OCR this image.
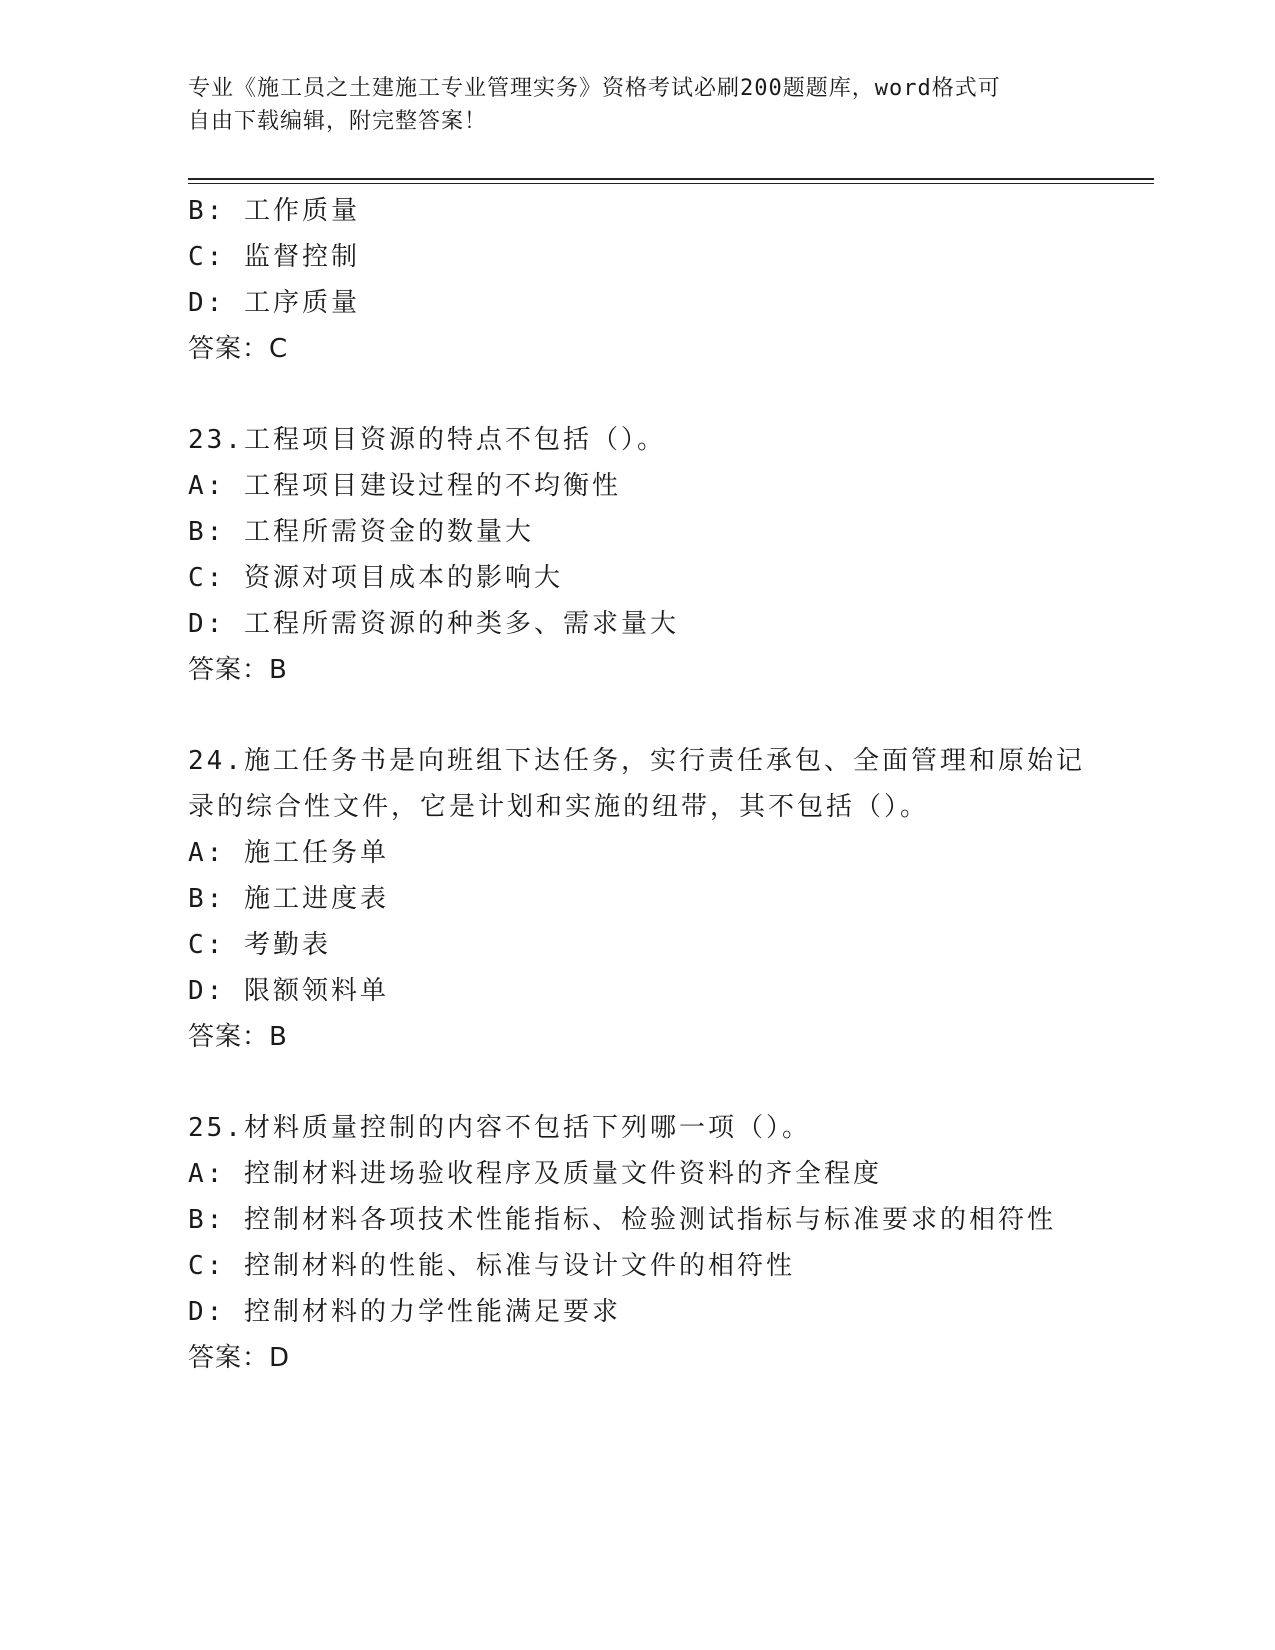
专业《施工员之土建施工专业管理实务》资格考试必刷200题题库，word格式可
自由下载编辑，附完整答案！
B: 工作质量
C: 监督控制
D: 工序质量
答案：C
23.工程项目资源的特点不包括（）。
A: 工程项目建设过程的不均衡性
B: 工程所需资金的数量大
C: 资源对项目成本的影响大
D: 工程所需资源的种类多、需求量大
答案：B
24.施工任务书是向班组下达任务，实行责任承包、全面管理和原始记
录的综合性文件，它是计划和实施的纽带，其不包括（）。
A: 施工任务单
B: 施工进度表
C: 考勤表
D: 限额领料单
答案：B
25.材料质量控制的内容不包括下列哪一项（）。
A: 控制材料进场验收程序及质量文件资料的齐全程度
B: 控制材料各项技术性能指标、检验测试指标与标准要求的相符性
C: 控制材料的性能、标准与设计文件的相符性
D: 控制材料的力学性能满足要求
答案：D
